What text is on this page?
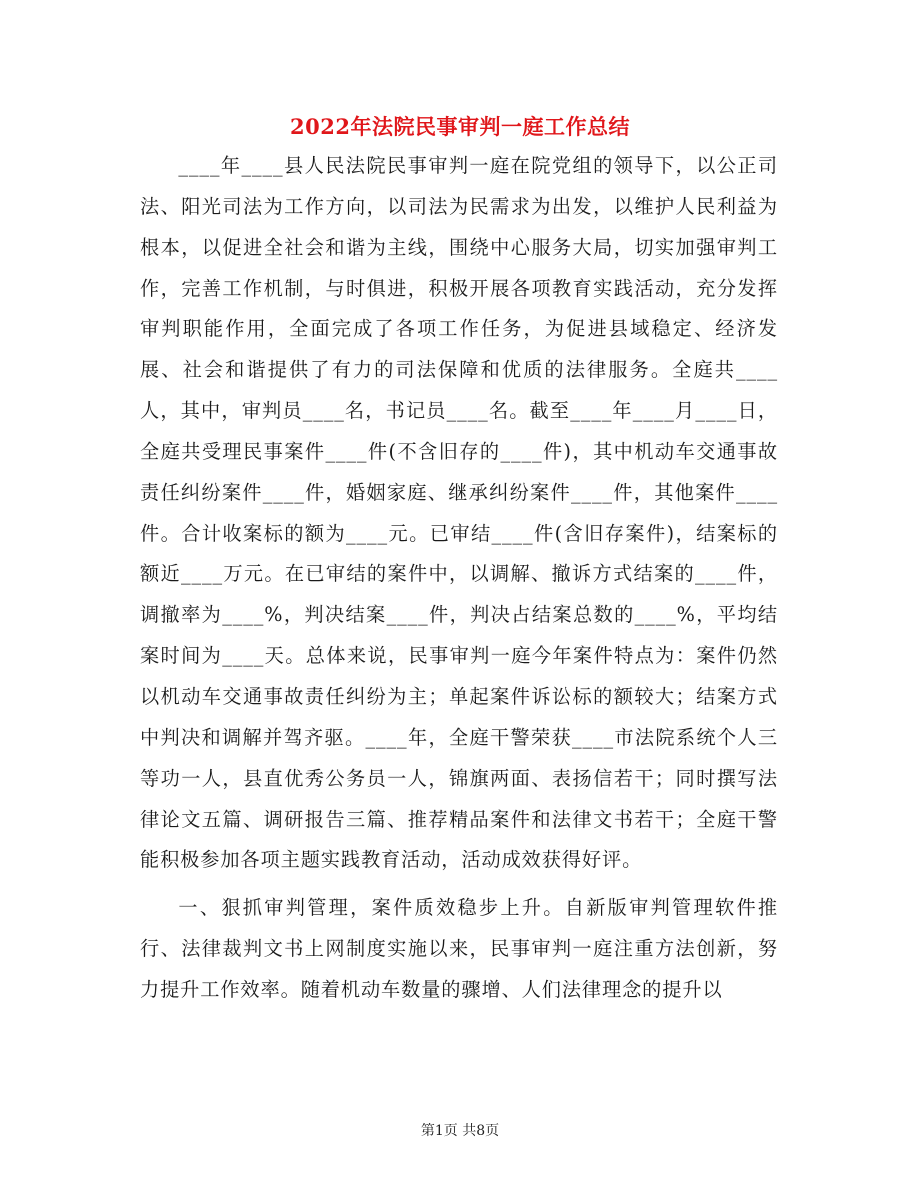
2022年法院民事审判一庭工作总结

____年____县人民法院民事审判一庭在院党组的领导下，以公正司法、阳光司法为工作方向，以司法为民需求为出发，以维护人民利益为根本，以促进全社会和谐为主线，围绕中心服务大局，切实加强审判工作，完善工作机制，与时俱进，积极开展各项教育实践活动，充分发挥审判职能作用，全面完成了各项工作任务，为促进县域稳定、经济发展、社会和谐提供了有力的司法保障和优质的法律服务。全庭共____人，其中，审判员____名，书记员____名。截至____年____月____日，全庭共受理民事案件____件(不含旧存的____件)，其中机动车交通事故责任纠纷案件____件，婚姻家庭、继承纠纷案件____件，其他案件____件。合计收案标的额为____元。已审结____件(含旧存案件)，结案标的额近____万元。在已审结的案件中，以调解、撤诉方式结案的____件，调撤率为____%，判决结案____件，判决占结案总数的____%，平均结案时间为____天。总体来说，民事审判一庭今年案件特点为：案件仍然以机动车交通事故责任纠纷为主；单起案件诉讼标的额较大；结案方式中判决和调解并驾齐驱。____年，全庭干警荣获____市法院系统个人三等功一人，县直优秀公务员一人，锦旗两面、表扬信若干；同时撰写法律论文五篇、调研报告三篇、推荐精品案件和法律文书若干；全庭干警能积极参加各项主题实践教育活动，活动成效获得好评。

一、狠抓审判管理，案件质效稳步上升。自新版审判管理软件推行、法律裁判文书上网制度实施以来，民事审判一庭注重方法创新，努力提升工作效率。随着机动车数量的骤增、人们法律理念的提升以

第1页 共8页
